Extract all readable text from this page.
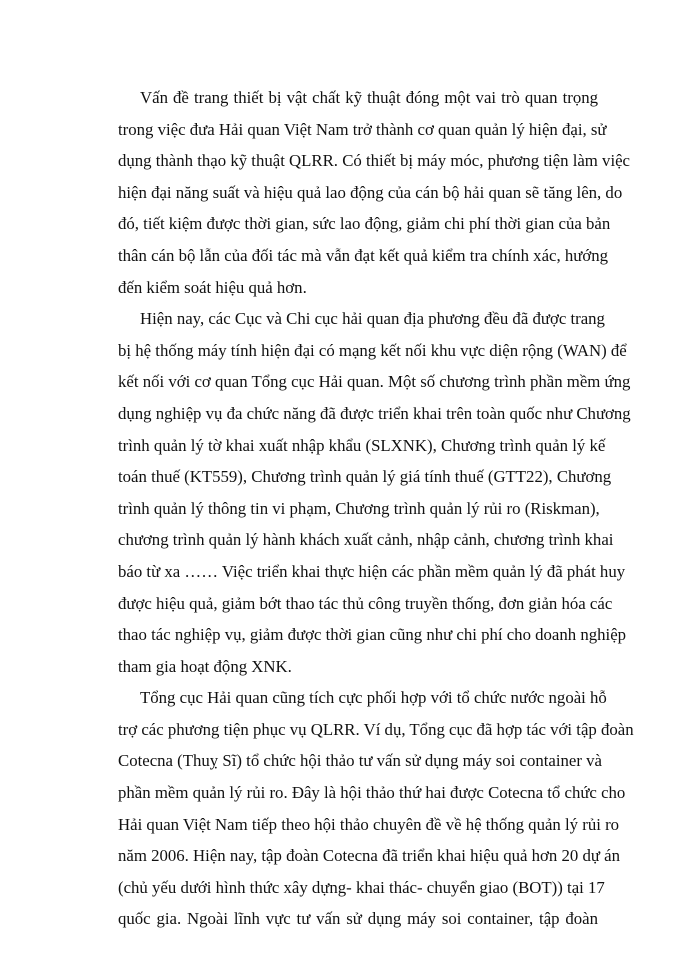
Vấn đề trang thiết bị vật chất kỹ thuật đóng một vai trò quan trọng
trong việc đưa Hải quan Việt Nam trở thành cơ quan quản lý hiện đại, sử
dụng thành thạo kỹ thuật QLRR. Có thiết bị máy móc, phương tiện làm việc
hiện đại năng suất và hiệu quả lao động của cán bộ hải quan sẽ tăng lên, do
đó, tiết kiệm được thời gian, sức lao động, giảm chi phí thời gian của bản
thân cán bộ lẫn của đối tác mà vẫn đạt kết quả kiểm tra chính xác, hướng
đến kiểm soát hiệu quả hơn.
Hiện nay, các Cục và Chi cục hải quan địa phương đều đã được trang
bị hệ thống máy tính hiện đại có mạng kết nối khu vực diện rộng (WAN) để
kết nối với cơ quan Tổng cục Hải quan. Một số chương trình phần mềm ứng
dụng nghiệp vụ đa chức năng đã được triển khai trên toàn quốc như Chương
trình quản lý tờ khai xuất nhập khẩu (SLXNK), Chương trình quản lý kế
toán thuế (KT559), Chương trình quản lý giá tính thuế (GTT22), Chương
trình quản lý thông tin vi phạm, Chương trình quản lý rủi ro (Riskman),
chương trình quản lý hành khách xuất cảnh, nhập cảnh, chương trình khai
báo từ xa …… Việc triển khai thực hiện các phần mềm quản lý đã phát huy
được hiệu quả, giảm bớt thao tác thủ công truyền thống, đơn giản hóa các
thao tác nghiệp vụ, giảm được thời gian cũng như chi phí cho doanh nghiệp
tham gia hoạt động XNK.
Tổng cục Hải quan cũng tích cực phối hợp với tổ chức nước ngoài hỗ
trợ các phương tiện phục vụ QLRR. Ví dụ, Tổng cục đã hợp tác với tập đoàn
Cotecna (Thuỵ Sĩ) tổ chức hội thảo tư vấn sử dụng máy soi container và
phần mềm quản lý rủi ro. Đây là hội thảo thứ hai được Cotecna tổ chức cho
Hải quan Việt Nam tiếp theo hội thảo chuyên đề về hệ thống quản lý rủi ro
năm 2006. Hiện nay, tập đoàn Cotecna đã triển khai hiệu quả hơn 20 dự án
(chủ yếu dưới hình thức xây dựng- khai thác- chuyển giao (BOT)) tại 17
quốc gia. Ngoài lĩnh vực tư vấn sử dụng máy soi container, tập đoàn
